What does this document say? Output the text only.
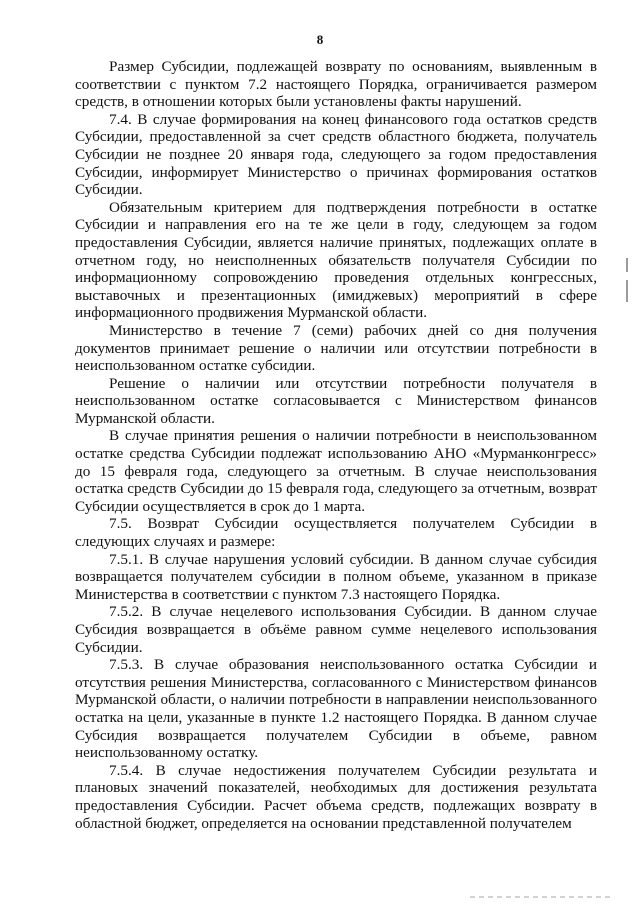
8

Размер Субсидии, подлежащей возврату по основаниям, выявленным в соответствии с пунктом 7.2 настоящего Порядка, ограничивается размером средств, в отношении которых были установлены факты нарушений.

7.4. В случае формирования на конец финансового года остатков средств Субсидии, предоставленной за счет средств областного бюджета, получатель Субсидии не позднее 20 января года, следующего за годом предоставления Субсидии, информирует Министерство о причинах формирования остатков Субсидии.

Обязательным критерием для подтверждения потребности в остатке Субсидии и направления его на те же цели в году, следующем за годом предоставления Субсидии, является наличие принятых, подлежащих оплате в отчетном году, но неисполненных обязательств получателя Субсидии по информационному сопровождению проведения отдельных конгрессных, выставочных и презентационных (имиджевых) мероприятий в сфере информационного продвижения Мурманской области.

Министерство в течение 7 (семи) рабочих дней со дня получения документов принимает решение о наличии или отсутствии потребности в неиспользованном остатке субсидии.

Решение о наличии или отсутствии потребности получателя в неиспользованном остатке согласовывается с Министерством финансов Мурманской области.

В случае принятия решения о наличии потребности в неиспользованном остатке средства Субсидии подлежат использованию АНО «Мурманконгресс» до 15 февраля года, следующего за отчетным. В случае неиспользования остатка средств Субсидии до 15 февраля года, следующего за отчетным, возврат Субсидии осуществляется в срок до 1 марта.

7.5. Возврат Субсидии осуществляется получателем Субсидии в следующих случаях и размере:

7.5.1. В случае нарушения условий субсидии. В данном случае субсидия возвращается получателем субсидии в полном объеме, указанном в приказе Министерства в соответствии с пунктом 7.3 настоящего Порядка.

7.5.2. В случае нецелевого использования Субсидии. В данном случае Субсидия возвращается в объёме равном сумме нецелевого использования Субсидии.

7.5.3. В случае образования неиспользованного остатка Субсидии и отсутствия решения Министерства, согласованного с Министерством финансов Мурманской области, о наличии потребности в направлении неиспользованного остатка на цели, указанные в пункте 1.2 настоящего Порядка. В данном случае Субсидия возвращается получателем Субсидии в объеме, равном неиспользованному остатку.

7.5.4. В случае недостижения получателем Субсидии результата и плановых значений показателей, необходимых для достижения результата предоставления Субсидии. Расчет объема средств, подлежащих возврату в областной бюджет, определяется на основании представленной получателем
